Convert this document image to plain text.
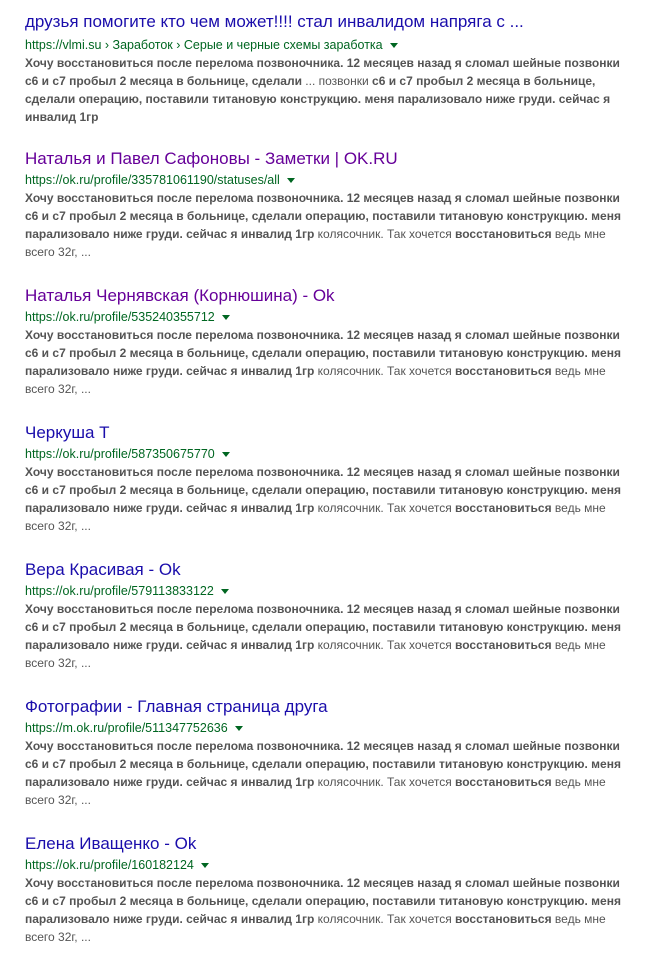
друзья помогите кто чем может!!!! стал инвалидом напряга с ...
https://vlmi.su › Заработок › Серые и черные схемы заработка

Хочу восстановиться после перелома позвоночника. 12 месяцев назад я сломал шейные позвонки с6 и с7 пробыл 2 месяца в больнице, сделали ... позвонки с6 и с7 пробыл 2 месяца в больнице, сделали операцию, поставили титановую конструкцию. меня парализовало ниже груди. сейчас я инвалид 1гр

Наталья и Павел Сафоновы - Заметки | OK.RU
https://ok.ru/profile/335781061190/statuses/all

Хочу восстановиться после перелома позвоночника. 12 месяцев назад я сломал шейные позвонки с6 и с7 пробыл 2 месяца в больнице, сделали операцию, поставили титановую конструкцию. меня парализовало ниже груди. сейчас я инвалид 1гр колясочник. Так хочется восстановиться ведь мне всего 32г, ...

Наталья Чернявская (Корнюшина) - Ok
https://ok.ru/profile/535240355712

Хочу восстановиться после перелома позвоночника. 12 месяцев назад я сломал шейные позвонки с6 и с7 пробыл 2 месяца в больнице, сделали операцию, поставили титановую конструкцию. меня парализовало ниже груди. сейчас я инвалид 1гр колясочник. Так хочется восстановиться ведь мне всего 32г, ...

Черкуша Т
https://ok.ru/profile/587350675770

Хочу восстановиться после перелома позвоночника. 12 месяцев назад я сломал шейные позвонки с6 и с7 пробыл 2 месяца в больнице, сделали операцию, поставили титановую конструкцию. меня парализовало ниже груди. сейчас я инвалид 1гр колясочник. Так хочется восстановиться ведь мне всего 32г, ...

Вера Красивая - Ok
https://ok.ru/profile/579113833122

Хочу восстановиться после перелома позвоночника. 12 месяцев назад я сломал шейные позвонки с6 и с7 пробыл 2 месяца в больнице, сделали операцию, поставили титановую конструкцию. меня парализовало ниже груди. сейчас я инвалид 1гр колясочник. Так хочется восстановиться ведь мне всего 32г, ...

Фотографии - Главная страница друга
https://m.ok.ru/profile/511347752636

Хочу восстановиться после перелома позвоночника. 12 месяцев назад я сломал шейные позвонки с6 и с7 пробыл 2 месяца в больнице, сделали операцию, поставили титановую конструкцию. меня парализовало ниже груди. сейчас я инвалид 1гр колясочник. Так хочется восстановиться ведь мне всего 32г, ...

Елена Иващенко - Ok
https://ok.ru/profile/160182124

Хочу восстановиться после перелома позвоночника. 12 месяцев назад я сломал шейные позвонки с6 и с7 пробыл 2 месяца в больнице, сделали операцию, поставили титановую конструкцию. меня парализовало ниже груди. сейчас я инвалид 1гр колясочник. Так хочется восстановиться ведь мне всего 32г, ...
